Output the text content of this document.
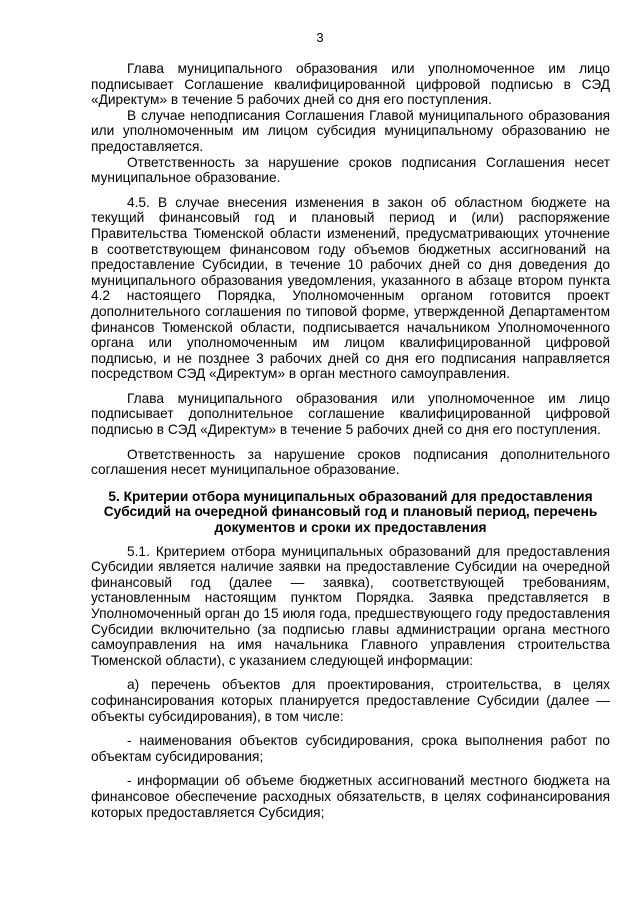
3

Глава муниципального образования или уполномоченное им лицо подписывает Соглашение квалифицированной цифровой подписью в СЭД «Директум» в течение 5 рабочих дней со дня его поступления.

В случае неподписания Соглашения Главой муниципального образования или уполномоченным им лицом субсидия муниципальному образованию не предоставляется.

Ответственность за нарушение сроков подписания Соглашения несет муниципальное образование.

4.5. В случае внесения изменения в закон об областном бюджете на текущий финансовый год и плановый период и (или) распоряжение Правительства Тюменской области изменений, предусматривающих уточнение в соответствующем финансовом году объемов бюджетных ассигнований на предоставление Субсидии, в течение 10 рабочих дней со дня доведения до муниципального образования уведомления, указанного в абзаце втором пункта 4.2 настоящего Порядка, Уполномоченным органом готовится проект дополнительного соглашения по типовой форме, утвержденной Департаментом финансов Тюменской области, подписывается начальником Уполномоченного органа или уполномоченным им лицом квалифицированной цифровой подписью, и не позднее 3 рабочих дней со дня его подписания направляется посредством СЭД «Директум» в орган местного самоуправления.

Глава муниципального образования или уполномоченное им лицо подписывает дополнительное соглашение квалифицированной цифровой подписью в СЭД «Директум» в течение 5 рабочих дней со дня его поступления.

Ответственность за нарушение сроков подписания дополнительного соглашения несет муниципальное образование.

5. Критерии отбора муниципальных образований для предоставления Субсидий на очередной финансовый год и плановый период, перечень документов и сроки их предоставления

5.1. Критерием отбора муниципальных образований для предоставления Субсидии является наличие заявки на предоставление Субсидии на очередной финансовый год (далее — заявка), соответствующей требованиям, установленным настоящим пунктом Порядка. Заявка представляется в Уполномоченный орган до 15 июля года, предшествующего году предоставления Субсидии включительно (за подписью главы администрации органа местного самоуправления на имя начальника Главного управления строительства Тюменской области), с указанием следующей информации:

а) перечень объектов для проектирования, строительства, в целях софинансирования которых планируется предоставление Субсидии (далее — объекты субсидирования), в том числе:

- наименования объектов субсидирования, срока выполнения работ по объектам субсидирования;

- информации об объеме бюджетных ассигнований местного бюджета на финансовое обеспечение расходных обязательств, в целях софинансирования которых предоставляется Субсидия;
